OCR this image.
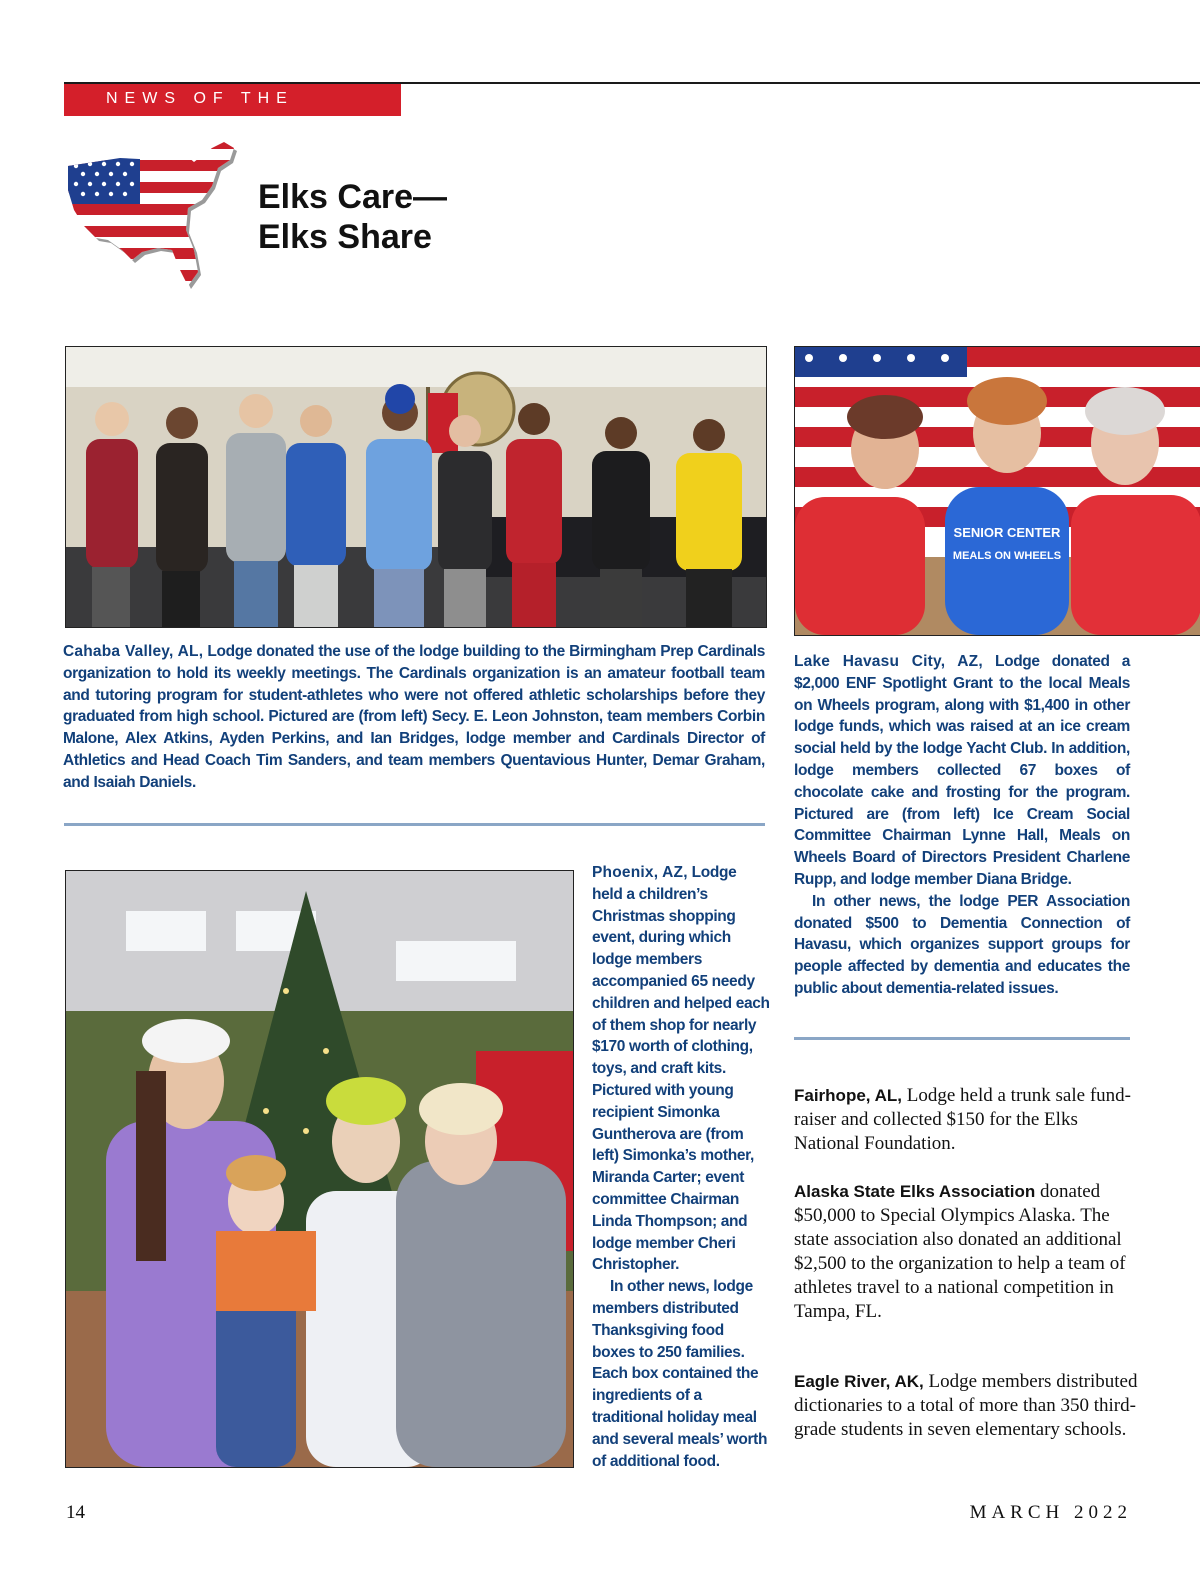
NEWS OF THE LODGES
Elks Care—
Elks Share

Cahaba Valley, AL, Lodge donated the use of the lodge building to the Birmingham Prep Cardinals organization to hold its weekly meetings. The Cardinals organization is an amateur football team and tutoring program for student-athletes who were not offered athletic scholarships before they graduated from high school. Pictured are (from left) Secy. E. Leon Johnston, team members Corbin Malone, Alex Atkins, Ayden Perkins, and Ian Bridges, lodge member and Cardinals Director of Athletics and Head Coach Tim Sanders, and team members Quentavious Hunter, Demar Graham, and Isaiah Daniels.

SENIOR CENTER
MEALS ON WHEELS

Lake Havasu City, AZ, Lodge donated a $2,000 ENF Spotlight Grant to the local Meals on Wheels program, along with $1,400 in other lodge funds, which was raised at an ice cream social held by the lodge Yacht Club. In addition, lodge members collected 67 boxes of chocolate cake and frosting for the program. Pictured are (from left) Ice Cream Social Committee Chairman Lynne Hall, Meals on Wheels Board of Directors President Charlene Rupp, and lodge member Diana Bridge.

In other news, the lodge PER Association donated $500 to Dementia Connection of Havasu, which organizes support groups for people affected by dementia and educates the public about dementia-related issues.

Phoenix, AZ, Lodge held a children’s Christmas shopping event, during which lodge members accompanied 65 needy children and helped each of them shop for nearly $170 worth of clothing, toys, and craft kits. Pictured with young recipient Simonka Guntherova are (from left) Simonka’s mother, Miranda Carter; event committee Chairman Linda Thompson; and lodge member Cheri Christopher.

In other news, lodge members distributed Thanksgiving food boxes to 250 families. Each box contained the ingredients of a traditional holiday meal and several meals’ worth of additional food.

Fairhope, AL, Lodge held a trunk sale fund-raiser and collected $150 for the Elks National Foundation.

Alaska State Elks Association donated $50,000 to Special Olympics Alaska. The state association also donated an additional $2,500 to the organization to help a team of athletes travel to a national competition in Tampa, FL.

Eagle River, AK, Lodge members distributed dictionaries to a total of more than 350 third-grade students in seven elementary schools.

14	MARCH 2022
